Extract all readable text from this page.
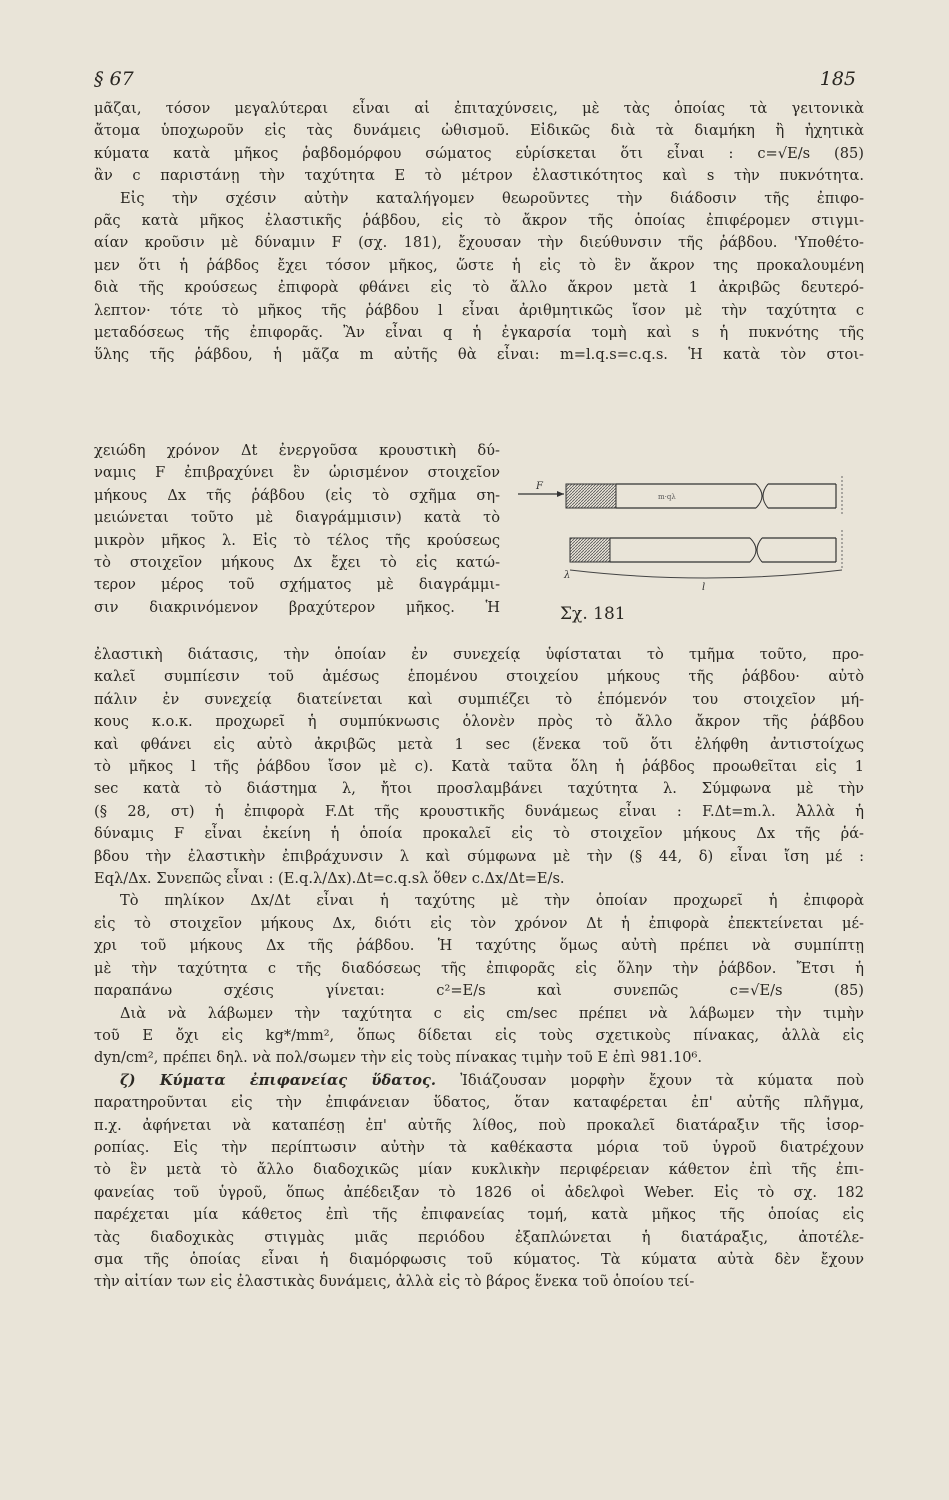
§ 67	185
μᾶζαι, τόσον μεγαλύτεραι εἶναι αἱ ἐπιταχύνσεις, μὲ τὰς ὁποίας τὰ γειτονικὰ
ἄτομα ὑποχωροῦν εἰς τὰς δυνάμεις ὠθισμοῦ. Εἰδικῶς διὰ τὰ διαμήκη ἢ ἠχητικὰ
κύματα κατὰ μῆκος ῥαβδομόρφου σώματος εὑρίσκεται ὅτι εἶναι : c=√E/s (85)
ἂν c παριστάνῃ τὴν ταχύτητα E τὸ μέτρον ἐλαστικότητος καὶ s τὴν πυκνότητα.
Εἰς τὴν σχέσιν αὐτὴν καταλήγομεν θεωροῦντες τὴν διάδοσιν τῆς ἐπιφο-
ρᾶς κατὰ μῆκος ἐλαστικῆς ῥάβδου, εἰς τὸ ἄκρον τῆς ὁποίας ἐπιφέρομεν στιγμι-
αίαν κροῦσιν μὲ δύναμιν F (σχ. 181), ἔχουσαν τὴν διεύθυνσιν τῆς ῥάβδου. 'Υποθέτο-
μεν ὅτι ἡ ῥάβδος ἔχει τόσον μῆκος, ὥστε ἡ εἰς τὸ ἓν ἄκρον της προκαλουμένη
διὰ τῆς κρούσεως ἐπιφορὰ φθάνει εἰς τὸ ἄλλο ἄκρον μετὰ 1 ἀκριβῶς δευτερό-
λεπτον· τότε τὸ μῆκος τῆς ῥάβδου l εἶναι ἀριθμητικῶς ἴσον μὲ τὴν ταχύτητα c
μεταδόσεως τῆς ἐπιφορᾶς. Ἂν εἶναι q ἡ ἐγκαρσία τομὴ καὶ s ἡ πυκνότης τῆς
ὕλης τῆς ῥάβδου, ἡ μᾶζα m αὐτῆς θὰ εἶναι: m=l.q.s=c.q.s. Ἡ κατὰ τὸν στοι-
χειώδη χρόνον Δt ἐνεργοῦσα κρουστικὴ δύ-
ναμις F ἐπιβραχύνει ἓν ὡρισμένον στοιχεῖον
μήκους Δx τῆς ῥάβδου (εἰς τὸ σχῆμα ση-
μειώνεται τοῦτο μὲ διαγράμμισιν) κατὰ τὸ
μικρὸν μῆκος λ. Εἰς τὸ τέλος τῆς κρούσεως
τὸ στοιχεῖον μήκους Δx ἔχει τὸ εἰς κατώ-
τερον μέρος τοῦ σχήματος μὲ διαγράμμι-
σιν διακρινόμενον βραχύτερον μῆκος. Ἡ
ἐλαστικὴ διάτασις, τὴν ὁποίαν ἐν συνεχείᾳ ὑφίσταται τὸ τμῆμα τοῦτο, προ-
καλεῖ συμπίεσιν τοῦ ἀμέσως ἑπομένου στοιχείου μήκους τῆς ῥάβδου· αὐτὸ
πάλιν ἐν συνεχείᾳ διατείνεται καὶ συμπιέζει τὸ ἑπόμενόν του στοιχεῖον μή-
κους κ.ο.κ. προχωρεῖ ἡ συμπύκνωσις ὁλονὲν πρὸς τὸ ἄλλο ἄκρον τῆς ῥάβδου
καὶ φθάνει εἰς αὐτὸ ἀκριβῶς μετὰ 1 sec (ἕνεκα τοῦ ὅτι ἐλήφθη ἀντιστοίχως
τὸ μῆκος l τῆς ῥάβδου ἴσον μὲ c). Κατὰ ταῦτα ὅλη ἡ ῥάβδος προωθεῖται εἰς 1
sec κατὰ τὸ διάστημα λ, ἤτοι προσλαμβάνει ταχύτητα λ. Σύμφωνα μὲ τὴν
(§ 28, στ) ἡ ἐπιφορὰ F.Δt τῆς κρουστικῆς δυνάμεως εἶναι : F.Δt=m.λ. Ἀλλὰ ἡ
δύναμις F εἶναι ἐκείνη ἡ ὁποία προκαλεῖ εἰς τὸ στοιχεῖον μήκους Δx τῆς ῥά-
βδου τὴν ἐλαστικὴν ἐπιβράχυνσιν λ καὶ σύμφωνα μὲ τὴν (§ 44, δ) εἶναι ἴση μέ :
Eqλ/Δx. Συνεπῶς εἶναι : (E.q.λ/Δx).Δt=c.q.sλ ὅθεν c.Δx/Δt=E/s.
Τὸ πηλίκον Δx/Δt εἶναι ἡ ταχύτης μὲ τὴν ὁποίαν προχωρεῖ ἡ ἐπιφορὰ
εἰς τὸ στοιχεῖον μήκους Δx, διότι εἰς τὸν χρόνον Δt ἡ ἐπιφορὰ ἐπεκτείνεται μέ-
χρι τοῦ μήκους Δx τῆς ῥάβδου. Ἡ ταχύτης ὅμως αὐτὴ πρέπει νὰ συμπίπτῃ
μὲ τὴν ταχύτητα c τῆς διαδόσεως τῆς ἐπιφορᾶς εἰς ὅλην τὴν ῥάβδον. Ἔτσι ἡ
παραπάνω σχέσις γίνεται: c²=E/s καὶ συνεπῶς c=√E/s (85)
Διὰ νὰ λάβωμεν τὴν ταχύτητα c εἰς cm/sec πρέπει νὰ λάβωμεν τὴν τιμὴν
τοῦ E ὄχι εἰς kg*/mm², ὅπως δίδεται εἰς τοὺς σχετικοὺς πίνακας, ἀλλὰ εἰς
dyn/cm², πρέπει δηλ. νὰ πολ/σωμεν τὴν εἰς τοὺς πίνακας τιμὴν τοῦ E ἐπὶ 981.10⁶.
ζ) Κύματα ἐπιφανείας ὕδατος. Ἰδιάζουσαν μορφὴν ἔχουν τὰ κύματα ποὺ
παρατηροῦνται εἰς τὴν ἐπιφάνειαν ὕδατος, ὅταν καταφέρεται ἐπ' αὐτῆς πλῆγμα,
π.χ. ἀφήνεται νὰ καταπέσῃ ἐπ' αὐτῆς λίθος, ποὺ προκαλεῖ διατάραξιν τῆς ἰσορ-
ροπίας. Εἰς τὴν περίπτωσιν αὐτὴν τὰ καθέκαστα μόρια τοῦ ὑγροῦ διατρέχουν
τὸ ἓν μετὰ τὸ ἄλλο διαδοχικῶς μίαν κυκλικὴν περιφέρειαν κάθετον ἐπὶ τῆς ἐπι-
φανείας τοῦ ὑγροῦ, ὅπως ἀπέδειξαν τὸ 1826 οἱ ἀδελφοὶ Weber. Εἰς τὸ σχ. 182
παρέχεται μία κάθετος ἐπὶ τῆς ἐπιφανείας τομή, κατὰ μῆκος τῆς ὁποίας εἰς
τὰς διαδοχικὰς στιγμὰς μιᾶς περιόδου ἐξαπλώνεται ἡ διατάραξις, ἀποτέλε-
σμα τῆς ὁποίας εἶναι ἡ διαμόρφωσις τοῦ κύματος. Τὰ κύματα αὐτὰ δὲν ἔχουν
τὴν αἰτίαν των εἰς ἐλαστικὰς δυνάμεις, ἀλλὰ εἰς τὸ βάρος ἕνεκα τοῦ ὁποίου τεί-
F
m·qλ
λ
l
Σχ. 181
